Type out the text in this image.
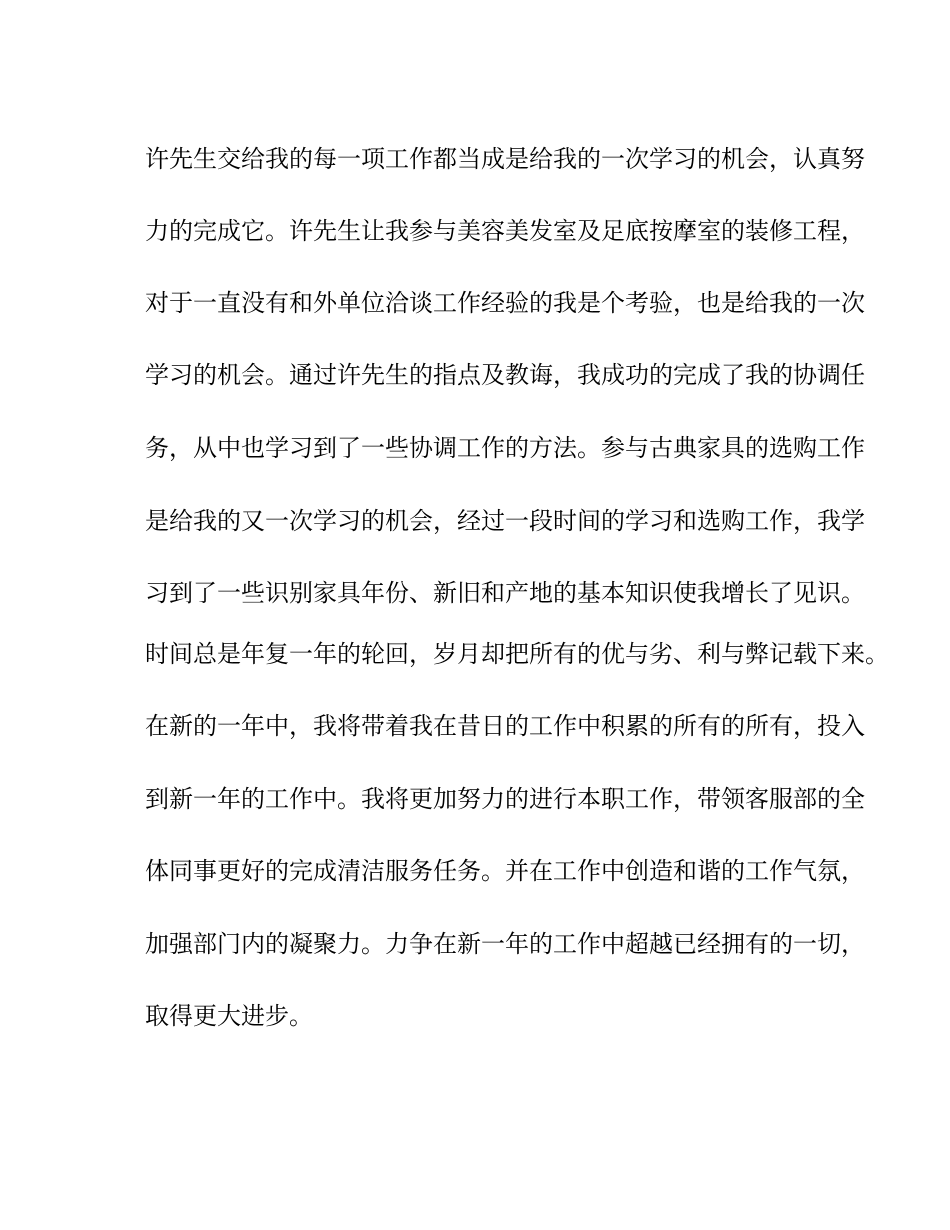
许先生交给我的每一项工作都当成是给我的一次学习的机会，认真努
力的完成它。许先生让我参与美容美发室及足底按摩室的装修工程，
对于一直没有和外单位洽谈工作经验的我是个考验，也是给我的一次
学习的机会。通过许先生的指点及教诲，我成功的完成了我的协调任
务，从中也学习到了一些协调工作的方法。参与古典家具的选购工作
是给我的又一次学习的机会，经过一段时间的学习和选购工作，我学
习到了一些识别家具年份、新旧和产地的基本知识使我增长了见识。
时间总是年复一年的轮回，岁月却把所有的优与劣、利与弊记载下来。
在新的一年中，我将带着我在昔日的工作中积累的所有的所有，投入
到新一年的工作中。我将更加努力的进行本职工作，带领客服部的全
体同事更好的完成清洁服务任务。并在工作中创造和谐的工作气氛，
加强部门内的凝聚力。力争在新一年的工作中超越已经拥有的一切，
取得更大进步。
